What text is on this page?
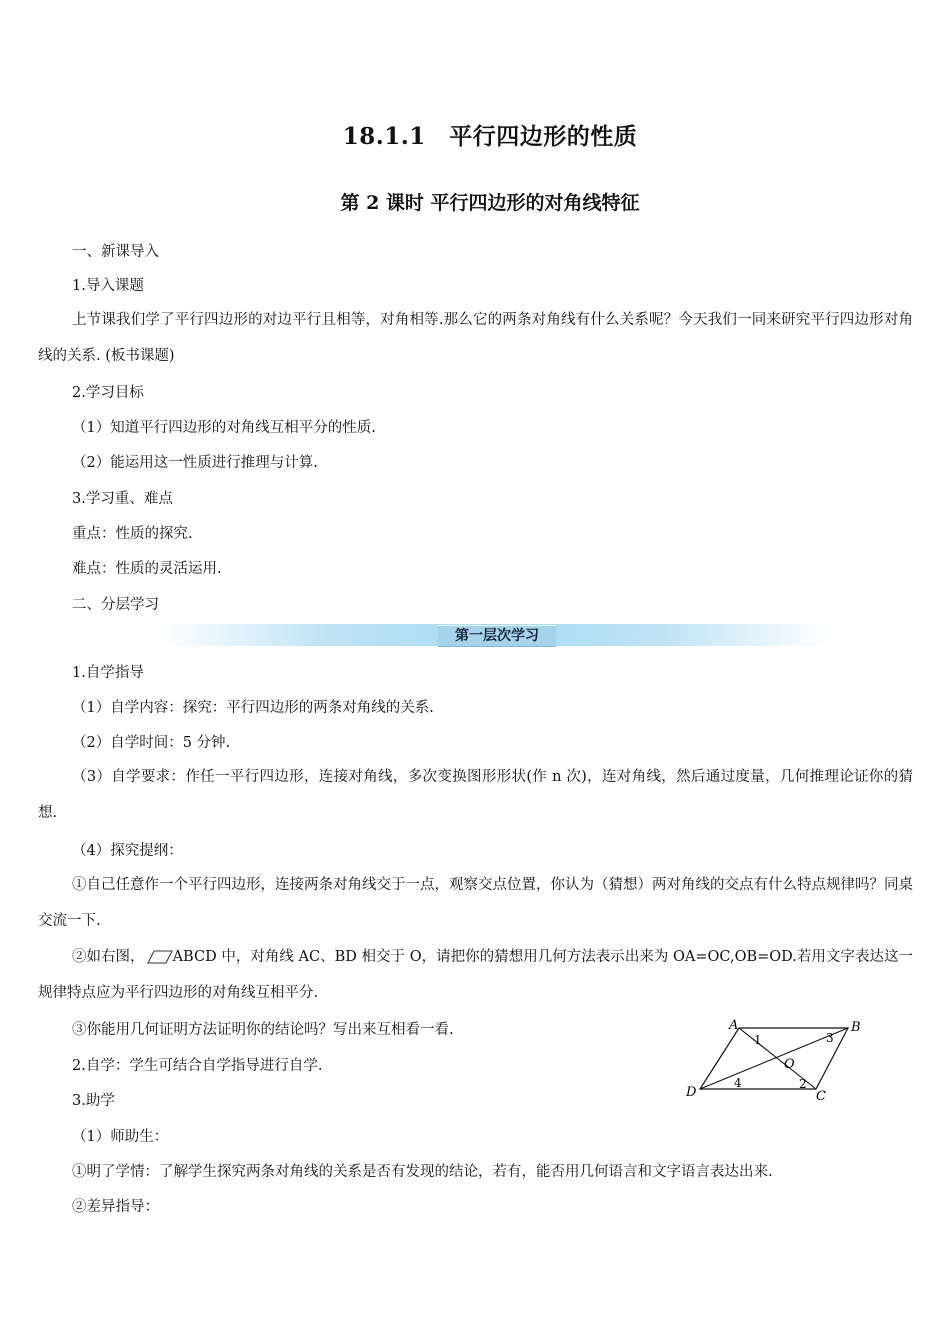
18.1.1　平行四边形的性质
第 2 课时 平行四边形的对角线特征
一、新课导入
1.导入课题
上节课我们学了平行四边形的对边平行且相等，对角相等.那么它的两条对角线有什么关系呢？今天我们一同来研究平行四边形对角线的关系. (板书课题)
2.学习目标
（1）知道平行四边形的对角线互相平分的性质.
（2）能运用这一性质进行推理与计算.
3.学习重、难点
重点：性质的探究.
难点：性质的灵活运用.
二、分层学习
第一层次学习
1.自学指导
（1）自学内容：探究：平行四边形的两条对角线的关系.
（2）自学时间：5 分钟.
（3）自学要求：作任一平行四边形，连接对角线，多次变换图形形状(作 n 次)，连对角线，然后通过度量，几何推理论证你的猜想.
（4）探究提纲：
①自己任意作一个平行四边形，连接两条对角线交于一点，观察交点位置，你认为（猜想）两对角线的交点有什么特点规律吗？同桌交流一下.
②如右图， ABCD 中，对角线 AC、BD 相交于 O，请把你的猜想用几何方法表示出来为 OA=OC,OB=OD.若用文字表达这一规律特点应为平行四边形的对角线互相平分.
③你能用几何证明方法证明你的结论吗？写出来互相看一看.
2.自学：学生可结合自学指导进行自学.
3.助学
（1）师助生：
①明了学情：了解学生探究两条对角线的关系是否有发现的结论，若有，能否用几何语言和文字语言表达出来.
②差异指导：
A	B
C
D
O
1
2
3
4
